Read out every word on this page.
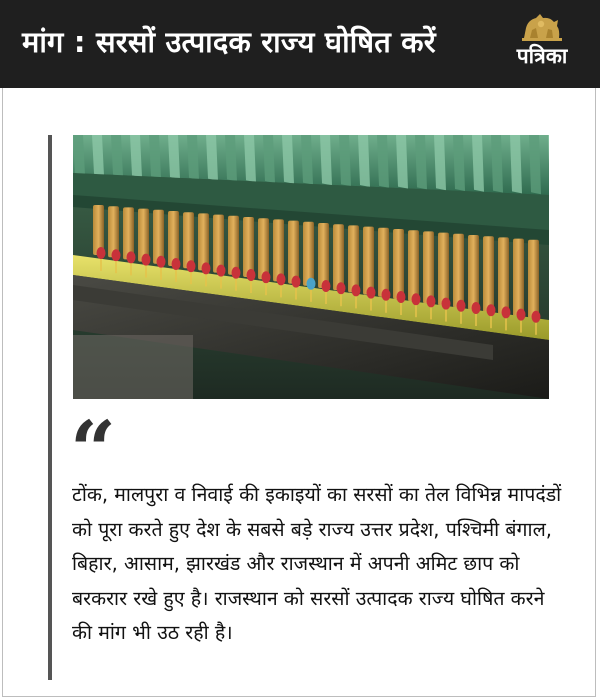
मांग : सरसों उत्पादक राज्य घोषित करें	पत्रिका
“
टोंक, मालपुरा व निवाई की इकाइयों का सरसों का तेल विभिन्न मापदंडों को पूरा करते हुए देश के सबसे बड़े राज्य उत्तर प्रदेश, पश्चिमी बंगाल, बिहार, आसाम, झारखंड और राजस्थान में अपनी अमिट छाप को बरकरार रखे हुए है। राजस्थान को सरसों उत्पादक राज्य घोषित करने की मांग भी उठ रही है।
